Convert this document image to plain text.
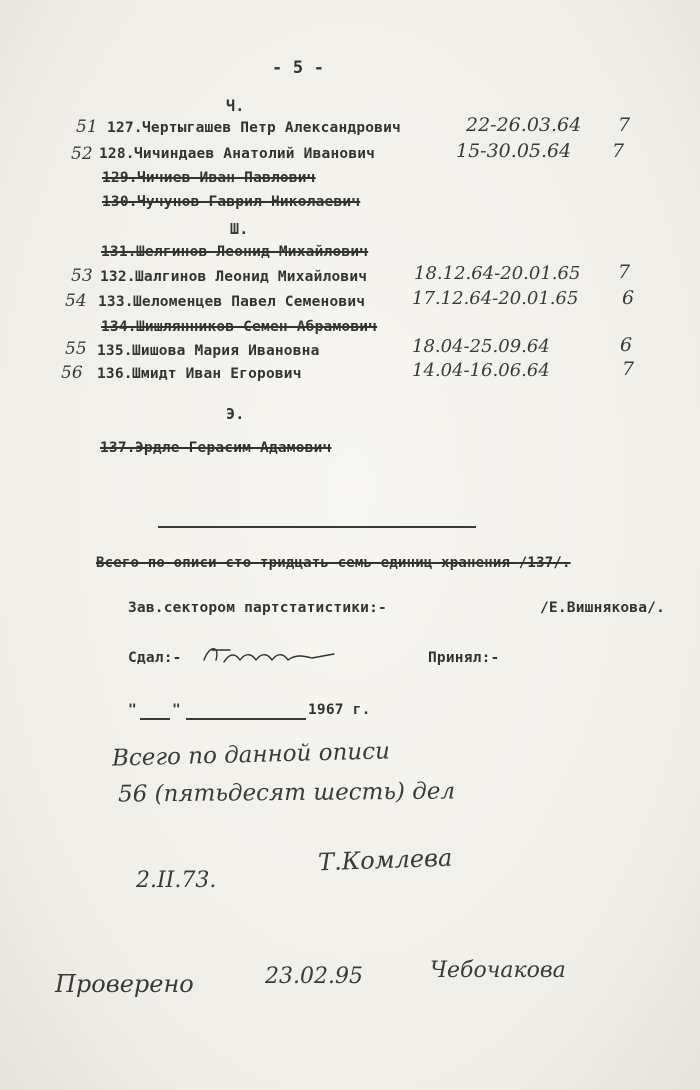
- 5 -
Ч.
51 127. Чертыгашев Петр Александрович	22-26.03.64 7
52 128. Чичиндаев Анатолий Иванович	15-30.05.64 7
129. Чичиев Иван Павлович
130. Чучунов Гаврил Николаевич
Ш.
131. Шелгинов Леонид Михайлович
53 132. Шалгинов Леонид Михайлович	18.12.64-20.01.65 7
54 133. Шеломенцев Павел Семенович	17.12.64-20.01.65 6
134. Шишлянников Семен Абрамович
55 135. Шишова Мария Ивановна	18.04-25.09.64	6
56 136. Шмидт Иван Егорович	14.04-16.06.64	7
Э.
137. Эрдле Герасим Адамович
Всего по описи сто тридцать семь единиц хранения /137/.
Зав.сектором партстатистики:-	/Е.Вишнякова/.
Сдал:-	Принял:-
" "	1967 г.
Всего по данной описи
56 (пятьдесят шесть) дел
2.II.73.
Т.Комлева
Проверено	23.02.95	Чебочакова
